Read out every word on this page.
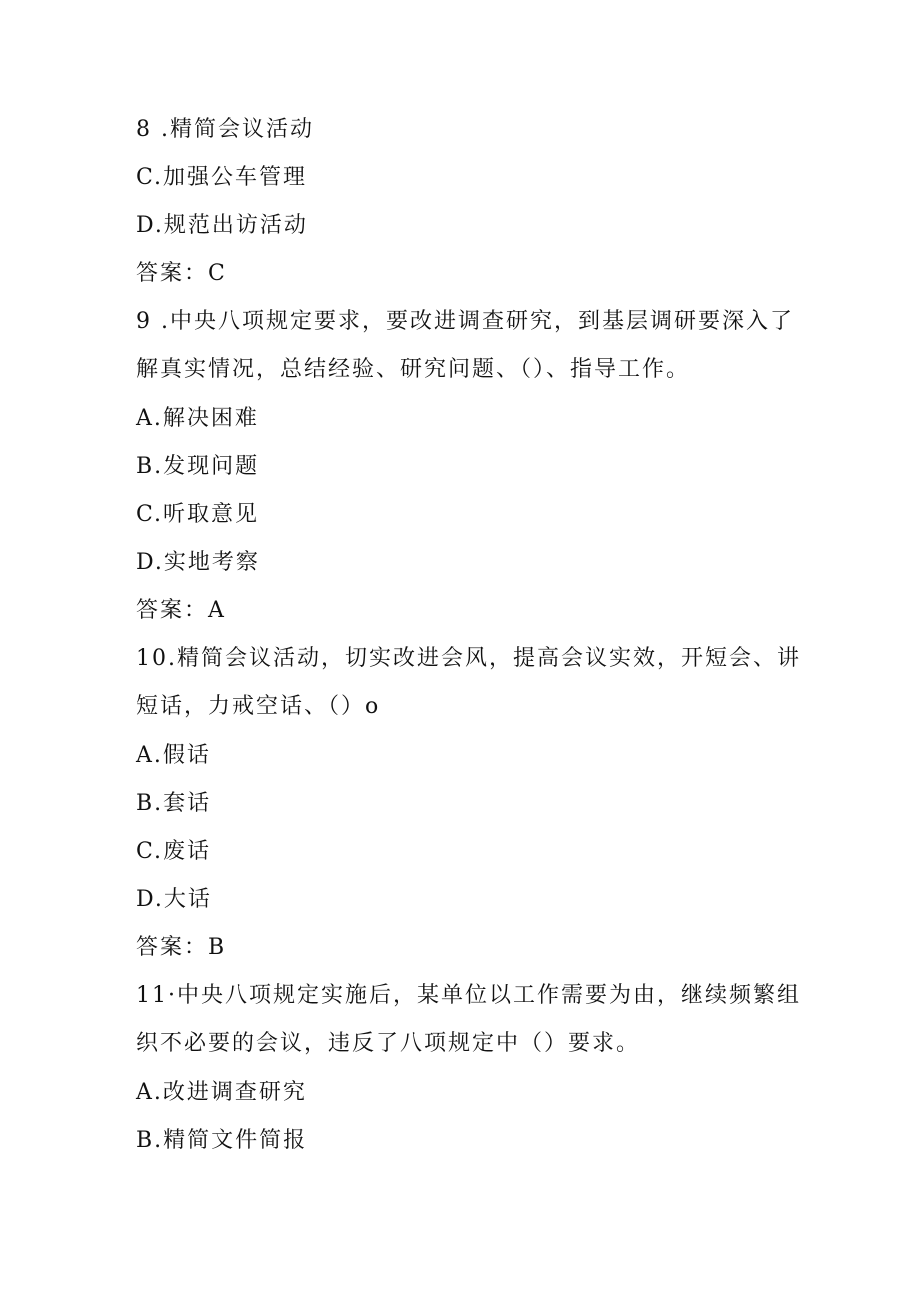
8 .精简会议活动
C.加强公车管理
D.规范出访活动
答案：C
9 .中央八项规定要求，要改进调查研究，到基层调研要深入了
解真实情况，总结经验、研究问题、（）、指导工作。
A.解决困难
B.发现问题
C.听取意见
D.实地考察
答案：A
10.精简会议活动，切实改进会风，提高会议实效，开短会、讲
短话，力戒空话、（）o
A.假话
B.套话
C.废话
D.大话
答案：B
11·中央八项规定实施后，某单位以工作需要为由，继续频繁组
织不必要的会议，违反了八项规定中（）要求。
A.改进调查研究
B.精简文件简报
